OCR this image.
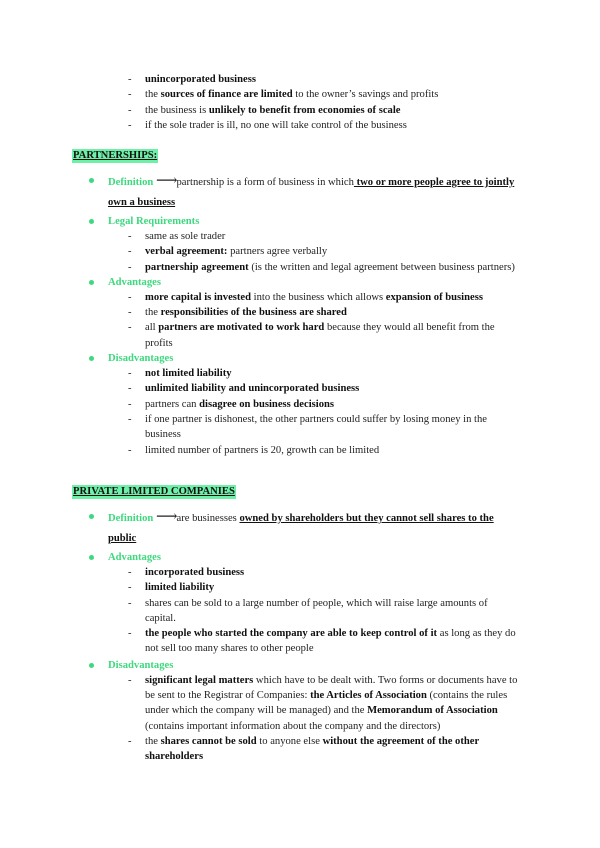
- unincorporated business
- the sources of finance are limited to the owner’s savings and profits
- the business is unlikely to benefit from economies of scale
- if the sole trader is ill, no one will take control of the business
PARTNERSHIPS:
Definition ⟶partnership is a form of business in which two or more people agree to jointly own a business
Legal Requirements
- same as sole trader
- verbal agreement: partners agree verbally
- partnership agreement (is the written and legal agreement between business partners)
Advantages
- more capital is invested into the business which allows expansion of business
- the responsibilities of the business are shared
- all partners are motivated to work hard because they would all benefit from the profits
Disadvantages
- not limited liability
- unlimited liability and unincorporated business
- partners can disagree on business decisions
- if one partner is dishonest, the other partners could suffer by losing money in the business
- limited number of partners is 20, growth can be limited
PRIVATE LIMITED COMPANIES
Definition ⟶are businesses owned by shareholders but they cannot sell shares to the public
Advantages
- incorporated business
- limited liability
- shares can be sold to a large number of people, which will raise large amounts of capital.
- the people who started the company are able to keep control of it as long as they do not sell too many shares to other people
Disadvantages
- significant legal matters which have to be dealt with. Two forms or documents have to be sent to the Registrar of Companies: the Articles of Association (contains the rules under which the company will be managed) and the Memorandum of Association (contains important information about the company and the directors)
- the shares cannot be sold to anyone else without the agreement of the other shareholders
